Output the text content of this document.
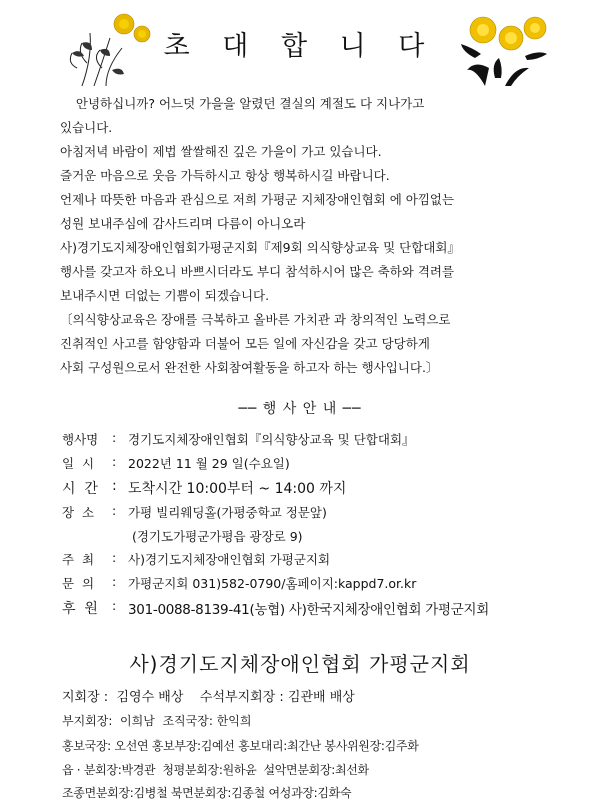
초 대 합 니 다
안녕하십니까? 어느덧 가을을 알렸던 결실의 계절도 다 지나가고
있습니다.
아침저녁 바람이 제법 쌀쌀해진 깊은 가을이 가고 있습니다.
즐거운 마음으로 웃음 가득하시고 항상 행복하시길 바랍니다.
언제나 따뜻한 마음과 관심으로 저희 가평군 지체장애인협회 에 아낌없는
성원 보내주심에 감사드리며 다름이 아니오라
사)경기도지체장애인협회가평군지회『제9회 의식향상교육 및 단합대회』
행사를 갖고자 하오니 바쁘시더라도 부디 참석하시어 많은 축하와 격려를
보내주시면 더없는 기쁨이 되겠습니다.
〔의식향상교육은 장애를 극복하고 올바른 가치관 과 창의적인 노력으로
진취적인 사고를 함양함과 더불어 모든 일에 자신감을 갖고 당당하게
사회 구성원으로서 완전한 사회참여활동을 하고자 하는 행사입니다.〕
── 행 사 안 내 ──
행사명 : 경기도지체장애인협회『의식향상교육 및 단합대회』
일  시 : 2022년 11 월 29 일(수요일)
시  간 : 도착시간 10:00부터 ~ 14:00 까지
장  소 : 가평 빌리웨딩홀(가평중학교 정문앞)
(경기도가평군가평읍 광장로 9)
주  최 : 사)경기도지체장애인협회 가평군지회
문  의 : 가평군지회 031)582-0790/홈페이지:kappd7.or.kr
후  원 : 301-0088-8139-41(농협) 사)한국지체장애인협회 가평군지회
사)경기도지체장애인협회 가평군지회
지회장 :  김영수 배상    수석부지회장 : 김관배 배상
부지회장:  이희남  조직국장: 한익희
홍보국장: 오선연 홍보부장:김예선 홍보대리:최간난 봉사위원장:김주화
읍 · 분회장:박경관  청평분회장:원하윤  설악면분회장:최선화
조종면분회장:김병철 북면분회장:김종철 여성과장:김화숙
